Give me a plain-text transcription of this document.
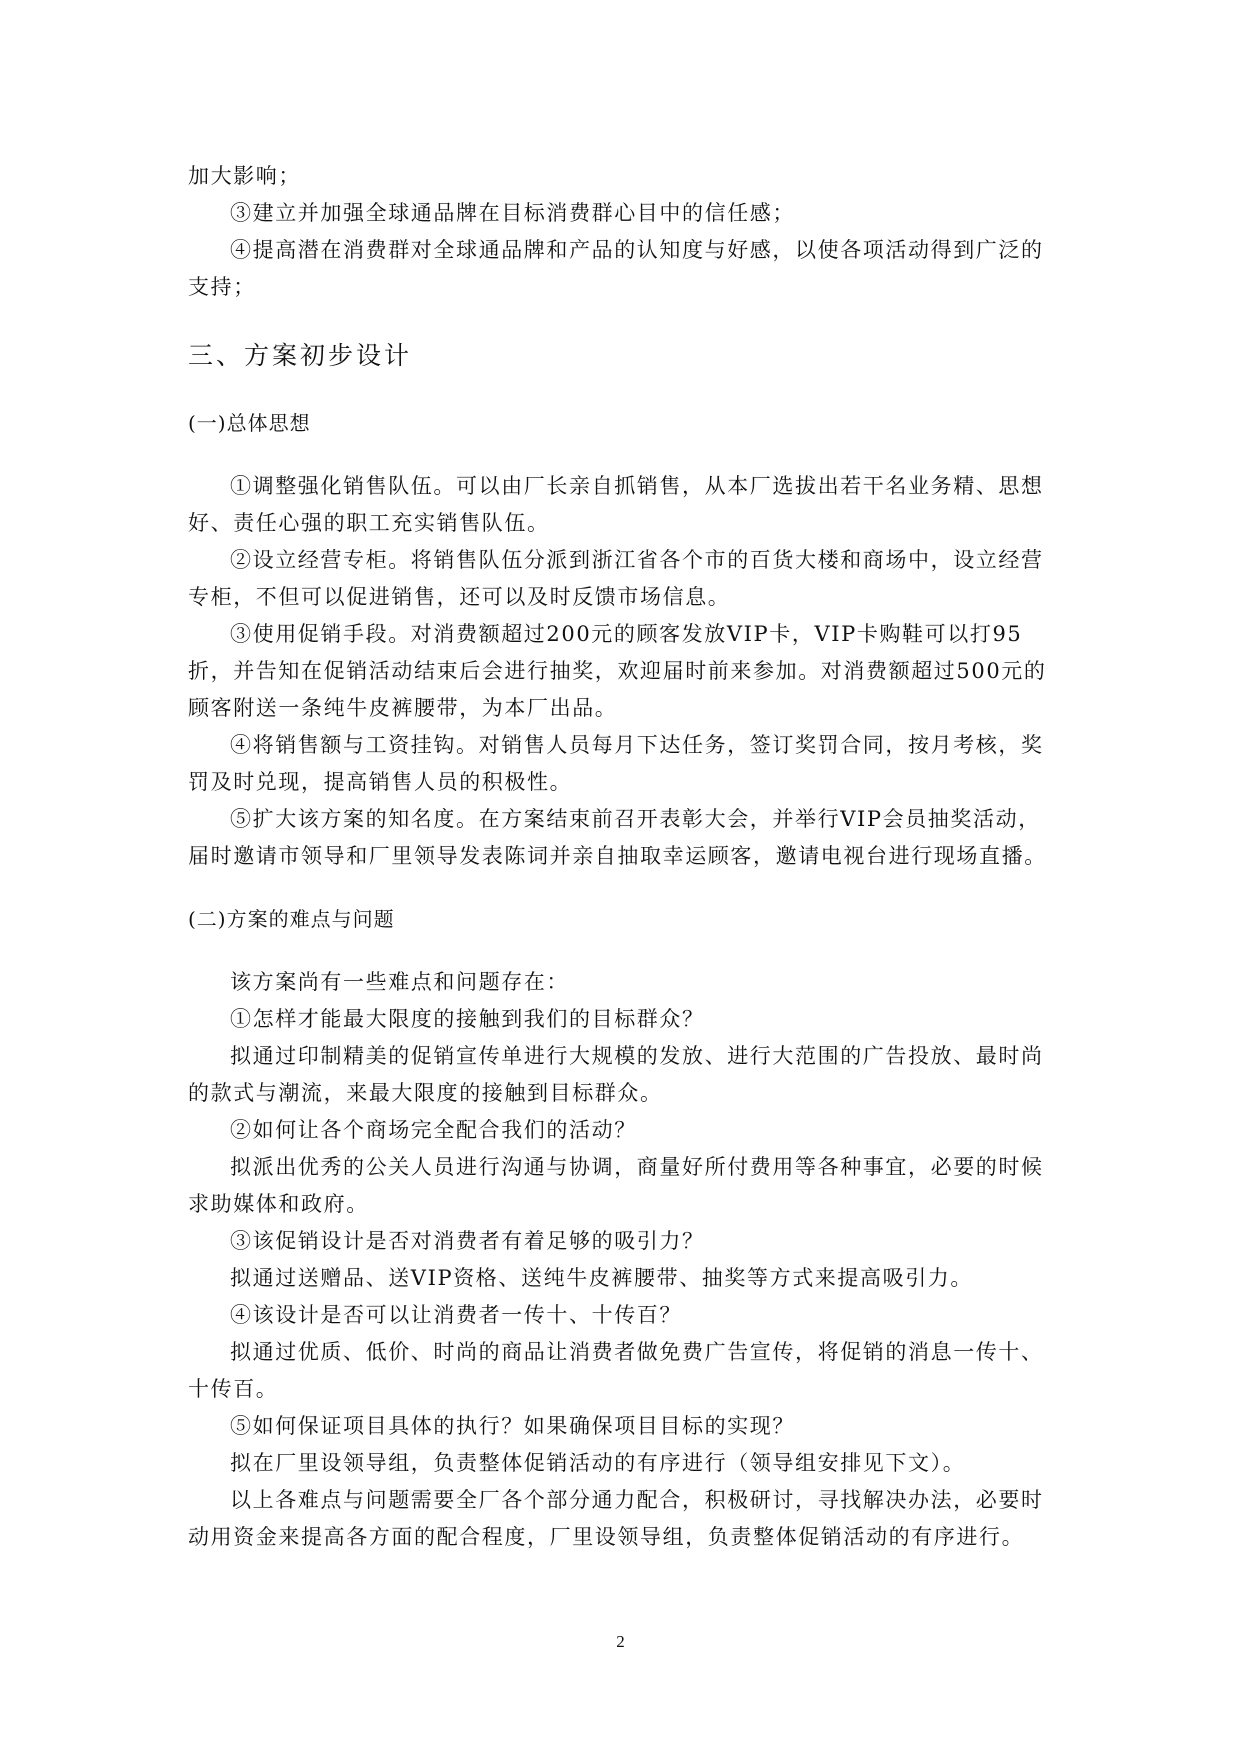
加大影响；

③建立并加强全球通品牌在目标消费群心目中的信任感；

④提高潜在消费群对全球通品牌和产品的认知度与好感，以使各项活动得到广泛的支持；

三、方案初步设计
(一)总体思想

①调整强化销售队伍。可以由厂长亲自抓销售，从本厂选拔出若干名业务精、思想好、责任心强的职工充实销售队伍。

②设立经营专柜。将销售队伍分派到浙江省各个市的百货大楼和商场中，设立经营专柜，不但可以促进销售，还可以及时反馈市场信息。

③使用促销手段。对消费额超过200元的顾客发放VIP卡，VIP卡购鞋可以打95折，并告知在促销活动结束后会进行抽奖，欢迎届时前来参加。对消费额超过500元的顾客附送一条纯牛皮裤腰带，为本厂出品。

④将销售额与工资挂钩。对销售人员每月下达任务，签订奖罚合同，按月考核，奖罚及时兑现，提高销售人员的积极性。

⑤扩大该方案的知名度。在方案结束前召开表彰大会，并举行VIP会员抽奖活动，届时邀请市领导和厂里领导发表陈词并亲自抽取幸运顾客，邀请电视台进行现场直播。

(二)方案的难点与问题

该方案尚有一些难点和问题存在：

①怎样才能最大限度的接触到我们的目标群众？

拟通过印制精美的促销宣传单进行大规模的发放、进行大范围的广告投放、最时尚的款式与潮流，来最大限度的接触到目标群众。

②如何让各个商场完全配合我们的活动？

拟派出优秀的公关人员进行沟通与协调，商量好所付费用等各种事宜，必要的时候求助媒体和政府。

③该促销设计是否对消费者有着足够的吸引力？

拟通过送赠品、送VIP资格、送纯牛皮裤腰带、抽奖等方式来提高吸引力。

④该设计是否可以让消费者一传十、十传百？

拟通过优质、低价、时尚的商品让消费者做免费广告宣传，将促销的消息一传十、十传百。

⑤如何保证项目具体的执行？如果确保项目目标的实现？

拟在厂里设领导组，负责整体促销活动的有序进行（领导组安排见下文）。

以上各难点与问题需要全厂各个部分通力配合，积极研讨，寻找解决办法，必要时动用资金来提高各方面的配合程度，厂里设领导组，负责整体促销活动的有序进行。

2
